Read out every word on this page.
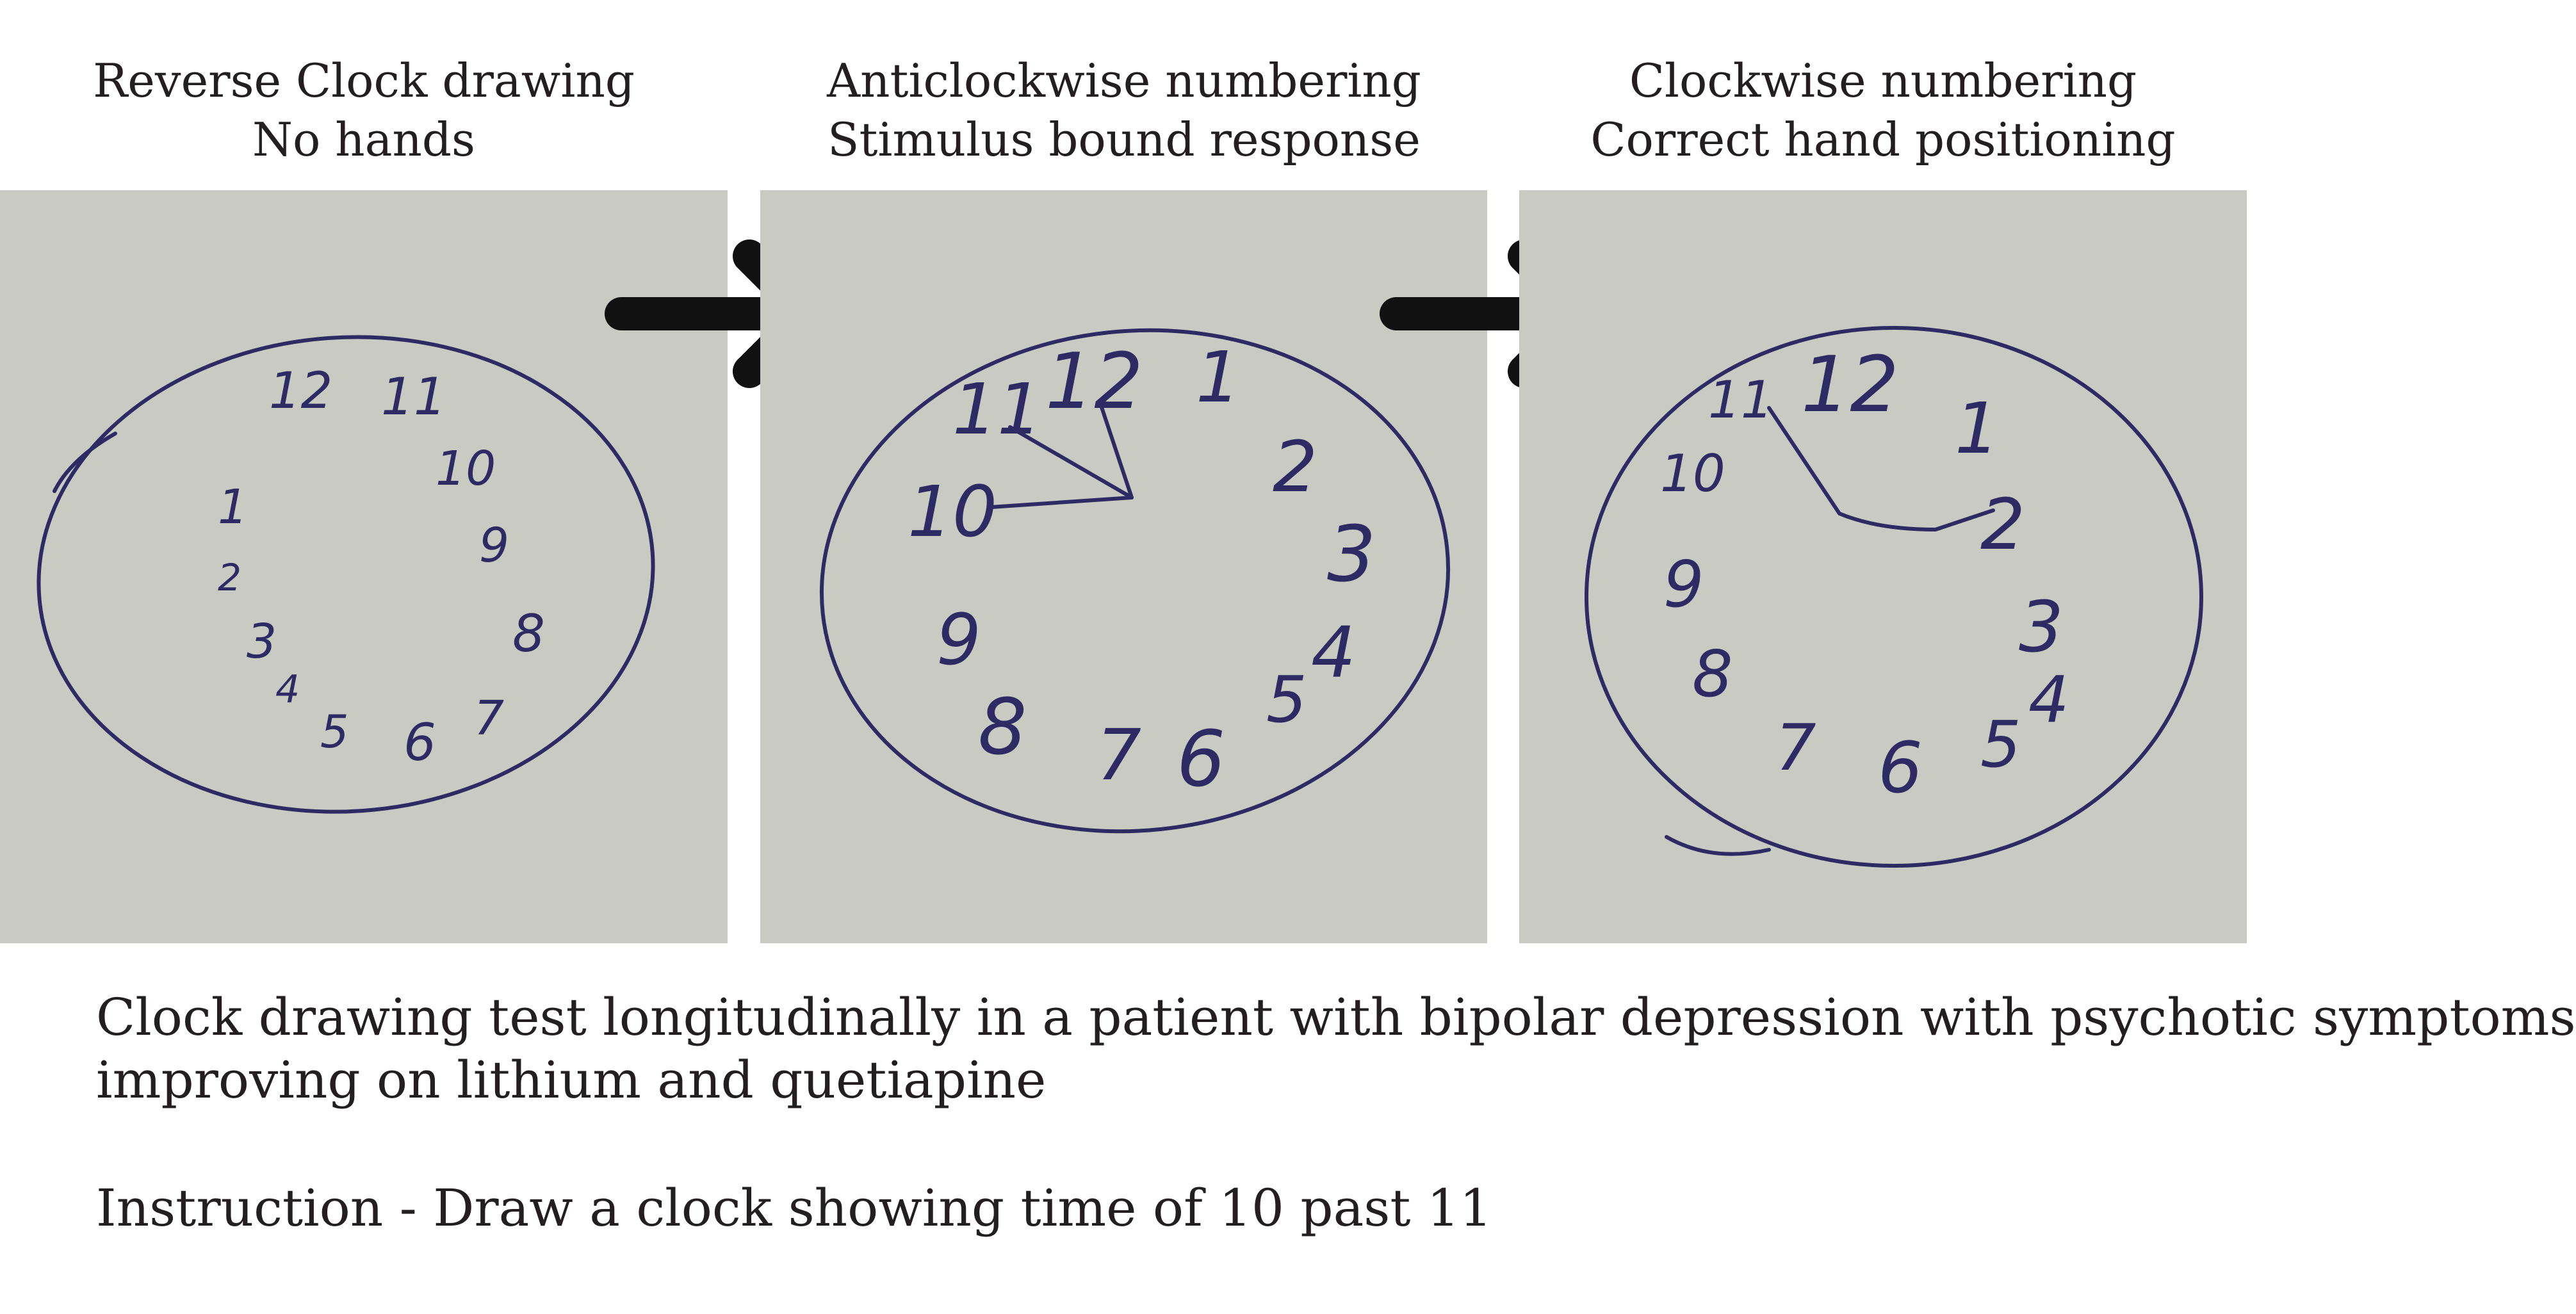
Reverse Clock drawing
No hands
Anticlockwise numbering
Stimulus bound response
Clockwise numbering
Correct hand positioning
12 11
10
9
8
7
6
5
4
3
2
1
11 12 1
2
3
4
5
6
7
8
9
10
11 12 1
2
3
4
5
6
7
8
9
10
Clock drawing test longitudinally in a patient with bipolar depression with psychotic symptoms
improving on lithium and quetiapine
Instruction - Draw a clock showing time of 10 past 11
